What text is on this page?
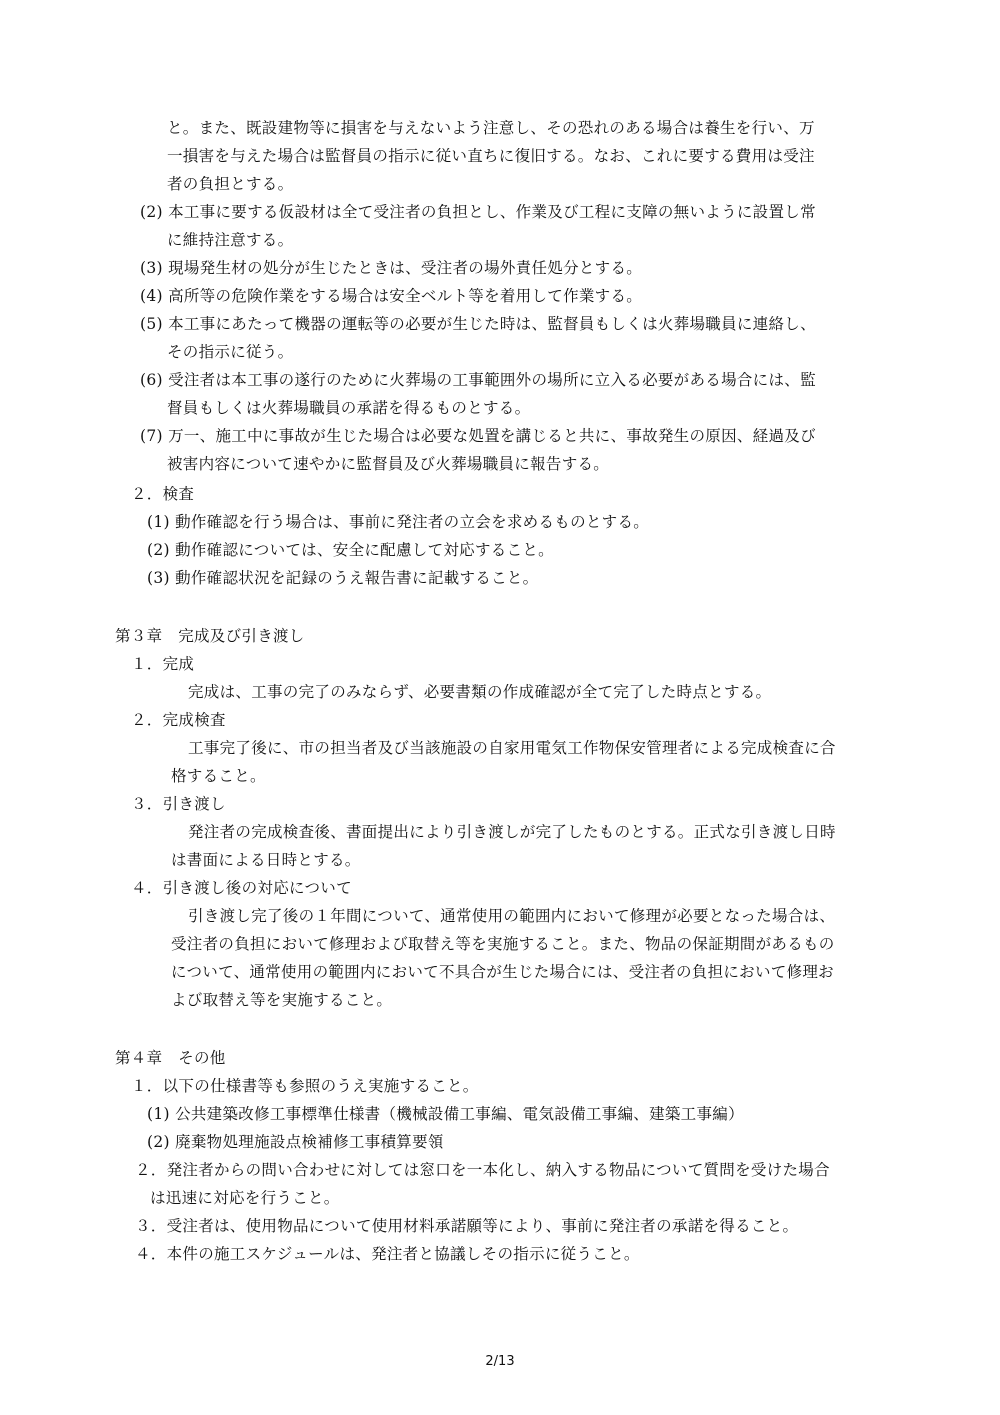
と。また、既設建物等に損害を与えないよう注意し、その恐れのある場合は養生を行い、万
一損害を与えた場合は監督員の指示に従い直ちに復旧する。なお、これに要する費用は受注
者の負担とする。
(2) 本工事に要する仮設材は全て受注者の負担とし、作業及び工程に支障の無いように設置し常
に維持注意する。
(3) 現場発生材の処分が生じたときは、受注者の場外責任処分とする。
(4) 高所等の危険作業をする場合は安全ベルト等を着用して作業する。
(5) 本工事にあたって機器の運転等の必要が生じた時は、監督員もしくは火葬場職員に連絡し、
その指示に従う。
(6) 受注者は本工事の遂行のために火葬場の工事範囲外の場所に立入る必要がある場合には、監
督員もしくは火葬場職員の承諾を得るものとする。
(7) 万一、施工中に事故が生じた場合は必要な処置を講じると共に、事故発生の原因、経過及び
被害内容について速やかに監督員及び火葬場職員に報告する。
２．検査
(1) 動作確認を行う場合は、事前に発注者の立会を求めるものとする。
(2) 動作確認については、安全に配慮して対応すること。
(3) 動作確認状況を記録のうえ報告書に記載すること。
第３章　完成及び引き渡し
１．完成
完成は、工事の完了のみならず、必要書類の作成確認が全て完了した時点とする。
２．完成検査
工事完了後に、市の担当者及び当該施設の自家用電気工作物保安管理者による完成検査に合
格すること。
３．引き渡し
発注者の完成検査後、書面提出により引き渡しが完了したものとする。正式な引き渡し日時
は書面による日時とする。
４．引き渡し後の対応について
引き渡し完了後の１年間について、通常使用の範囲内において修理が必要となった場合は、
受注者の負担において修理および取替え等を実施すること。また、物品の保証期間があるもの
について、通常使用の範囲内において不具合が生じた場合には、受注者の負担において修理お
よび取替え等を実施すること。
第４章　その他
１．以下の仕様書等も参照のうえ実施すること。
(1) 公共建築改修工事標準仕様書（機械設備工事編、電気設備工事編、建築工事編）
(2) 廃棄物処理施設点検補修工事積算要領
２．発注者からの問い合わせに対しては窓口を一本化し、納入する物品について質問を受けた場合
は迅速に対応を行うこと。
３．受注者は、使用物品について使用材料承諾願等により、事前に発注者の承諾を得ること。
４．本件の施工スケジュールは、発注者と協議しその指示に従うこと。
2/13
